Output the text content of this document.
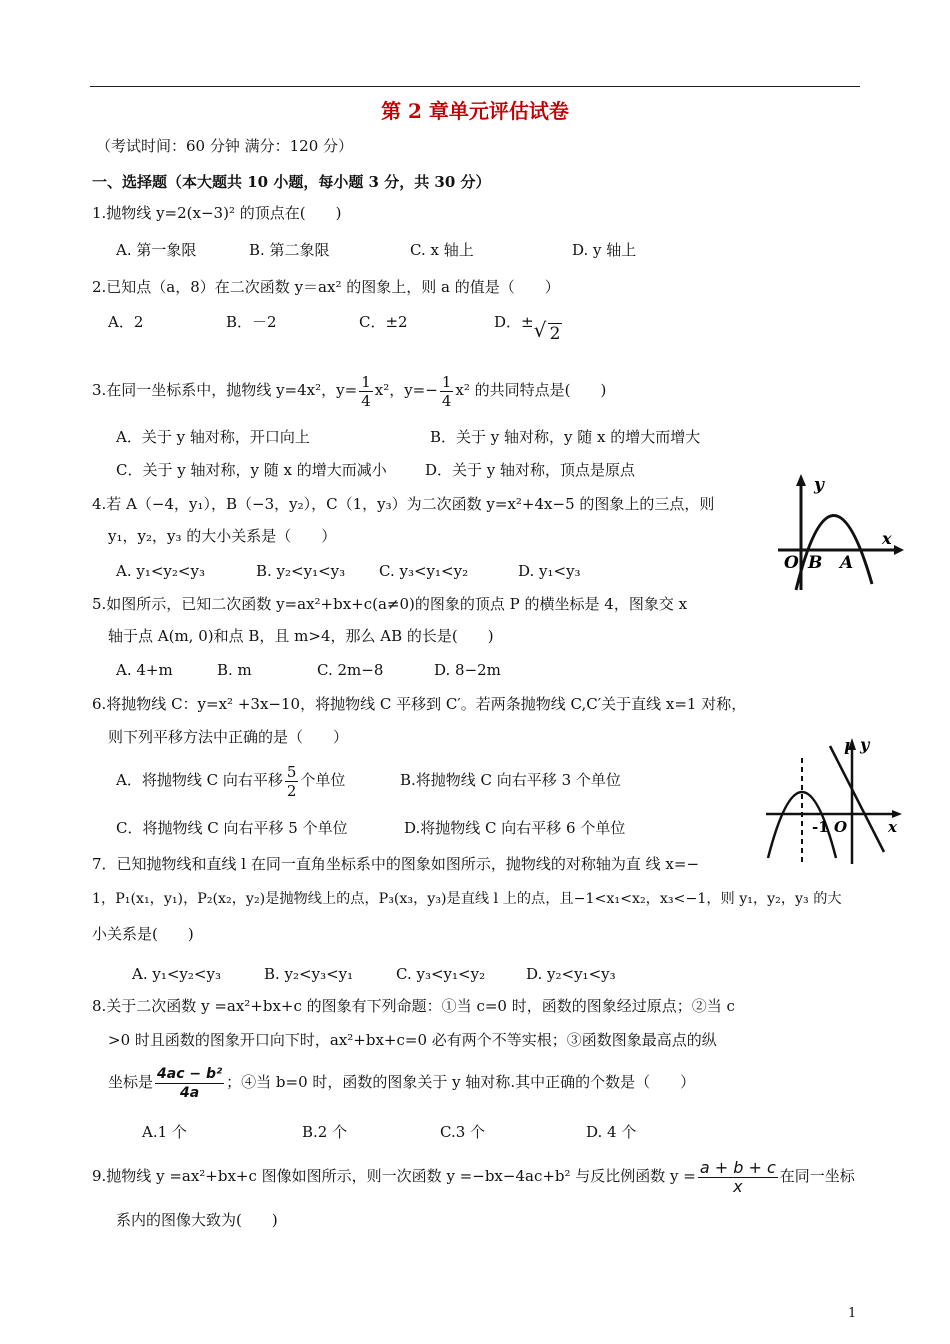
第 2 章单元评估试卷
（考试时间：60 分钟 满分：120 分）
一、选择题（本大题共 10 小题，每小题 3 分，共 30 分）
1.抛物线 y=2(x−3)² 的顶点在(　　)
A. 第一象限	B. 第二象限	C. x 轴上	D. y 轴上
2.已知点（a，8）在二次函数 y＝ax² 的图象上，则 a 的值是（　　）
A．2	B．－2	C．±2	D．± √ 2
3.在同一坐标系中，抛物线 y=4x²，$y= \frac{1}{4} x^2$，$y=- \frac{1}{4} x^2$ 的共同特点是(　　)
A．关于 y 轴对称，开口向上	B．关于 y 轴对称，y 随 x 的增大而增大
C．关于 y 轴对称，y 随 x 的增大而减小	D．关于 y 轴对称，顶点是原点
4.若 A（−4，y₁），B（−3，y₂），C（1，y₃）为二次函数 y=x²+4x−5 的图象上的三点，则
y₁，y₂，y₃ 的大小关系是（　　）
A. y₁<y₂<y₃	B. y₂<y₁<y₃ C. y₃<y₁<y₂	D. y₁<y₃
y
x
O B A
5.如图所示，已知二次函数 y=ax²+bx+c(a≠0)的图象的顶点 P 的横坐标是 4，图象交 x
轴于点 A(m, 0)和点 B，且 m>4，那么 AB 的长是(　　)
A. 4+m	B. m	C. 2m−8	D. 8−2m
6.将抛物线 C：y=x² +3x−10，将抛物线 C 平移到 C′。若两条抛物线 C,C′关于直线 x=1 对称，
则下列平移方法中正确的是（　　）
A．将抛物线 C 向右平移 $\frac{5}{2}$ 个单位	B.将抛物线 C 向右平移 3 个单位
C．将抛物线 C 向右平移 5 个单位	D.将抛物线 C 向右平移 6 个单位
l y
x
-1 O
7．已知抛物线和直线 l 在同一直角坐标系中的图象如图所示，抛物线的对称轴为直 线 x=−
1，P₁(x₁，y₁)，P₂(x₂，y₂)是抛物线上的点，P₃(x₃，y₃)是直线 l 上的点，且−1<x₁<x₂，x₃<−1，则 y₁，y₂，y₃ 的大
小关系是(　　)
A. y₁<y₂<y₃	B. y₂<y₃<y₁	C. y₃<y₁<y₂	D. y₂<y₁<y₃
8.关于二次函数 y =ax²+bx+c 的图象有下列命题：①当 c=0 时，函数的图象经过原点；②当 c
>0 时且函数的图象开口向下时，ax²+bx+c=0 必有两个不等实根；③函数图象最高点的纵
坐标是 $\frac{\text{4ac − b²}}{4a}$ ；④当 b=0 时，函数的图象关于 y 轴对称.其中正确的个数是（　　）
A.1 个	B.2 个	C.3 个	D. 4 个
9.抛物线 y =ax²+bx+c 图像如图所示，则一次函数 y =−bx−4ac+b² 与反比例函数 $y = \frac{a + b + c}{x}$ 在同一坐标
系内的图像大致为(　　)
1
